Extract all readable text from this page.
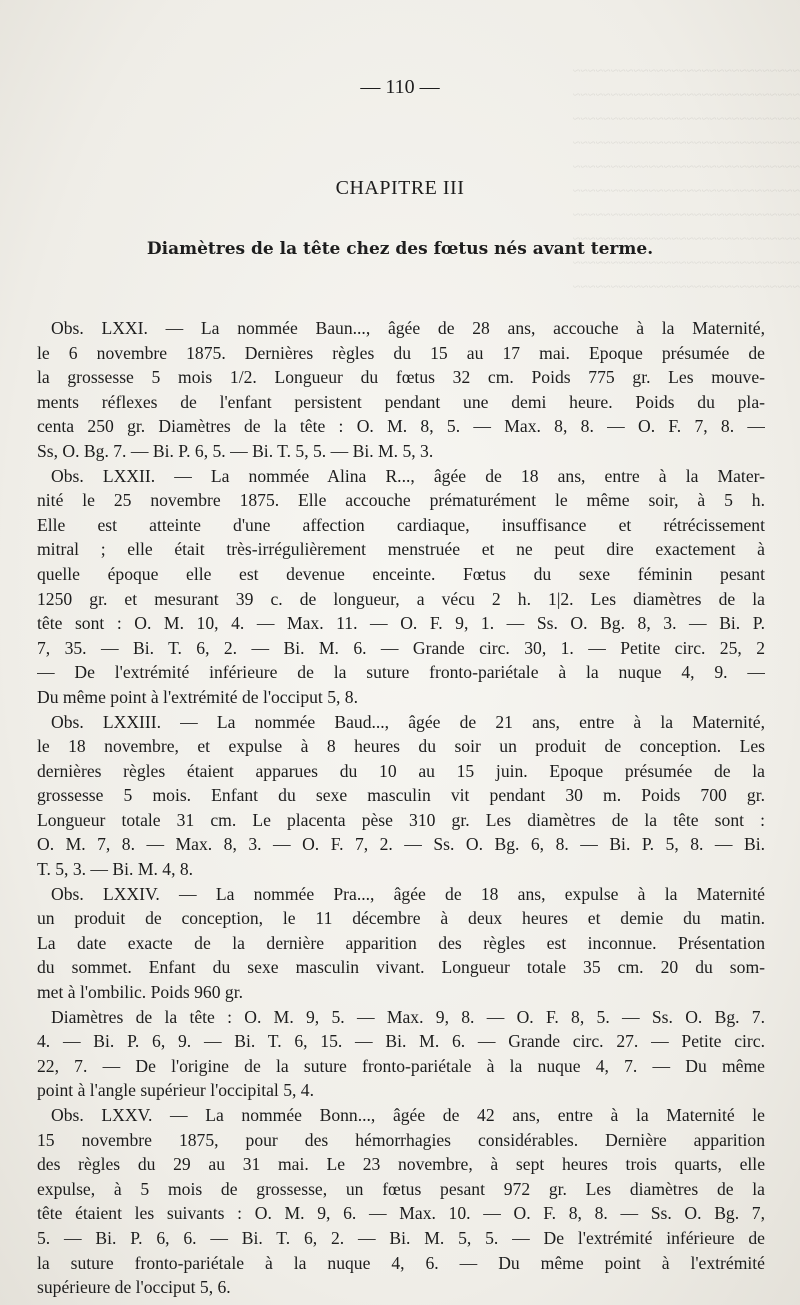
~~~~~~~~~~~~~~~~~~~~~~~~~~~~~~
~~~~~~~~~~~~~~~~~~~~~~~~~~~~~~
~~~~~~~~~~~~~~~~~~~~~~~~~~~~~~
~~~~~~~~~~~~~~~~~~~~~~~~~~~~~~
~~~~~~~~~~~~~~~~~~~~~~~~~~~~~~
~~~~~~~~~~~~~~~~~~~~~~~~~~~~~~
~~~~~~~~~~~~~~~~~~~~~~~~~~~~~~
~~~~~~~~~~~~~~~~~~~~~~~~~~~~~~
~~~~~~~~~~~~~~~~~~~~~~~~~~~~~~
~~~~~~~~~~~~~~~~~~~~~~~~~~~~~~
— 110 —
CHAPITRE III
Diamètres de la tête chez des fœtus nés avant terme.
Obs. LXXI. — La nommée Baun..., âgée de 28 ans, accouche à la Maternité,
le 6 novembre 1875. Dernières règles du 15 au 17 mai. Epoque présumée de
la grossesse 5 mois 1/2. Longueur du fœtus 32 cm. Poids 775 gr. Les mouve-
ments réflexes de l'enfant persistent pendant une demi heure. Poids du pla-
centa 250 gr. Diamètres de la tête : O. M. 8, 5. — Max. 8, 8. — O. F. 7, 8. —
Ss, O. Bg. 7. — Bi. P. 6, 5. — Bi. T. 5, 5. — Bi. M. 5, 3.
Obs. LXXII. — La nommée Alina R..., âgée de 18 ans, entre à la Mater-
nité le 25 novembre 1875. Elle accouche prématurément le même soir, à 5 h.
Elle est atteinte d'une affection cardiaque, insuffisance et rétrécissement
mitral ; elle était très-irrégulièrement menstruée et ne peut dire exactement à
quelle époque elle est devenue enceinte. Fœtus du sexe féminin pesant
1250 gr. et mesurant 39 c. de longueur, a vécu 2 h. 1|2. Les diamètres de la
tête sont : O. M. 10, 4. — Max. 11. — O. F. 9, 1. — Ss. O. Bg. 8, 3. — Bi. P.
7, 35. — Bi. T. 6, 2. — Bi. M. 6. — Grande circ. 30, 1. — Petite circ. 25, 2
— De l'extrémité inférieure de la suture fronto-pariétale à la nuque 4, 9. —
Du même point à l'extrémité de l'occiput 5, 8.
Obs. LXXIII. — La nommée Baud..., âgée de 21 ans, entre à la Maternité,
le 18 novembre, et expulse à 8 heures du soir un produit de conception. Les
dernières règles étaient apparues du 10 au 15 juin. Epoque présumée de la
grossesse 5 mois. Enfant du sexe masculin vit pendant 30 m. Poids 700 gr.
Longueur totale 31 cm. Le placenta pèse 310 gr. Les diamètres de la tête sont :
O. M. 7, 8. — Max. 8, 3. — O. F. 7, 2. — Ss. O. Bg. 6, 8. — Bi. P. 5, 8. — Bi.
T. 5, 3. — Bi. M. 4, 8.
Obs. LXXIV. — La nommée Pra..., âgée de 18 ans, expulse à la Maternité
un produit de conception, le 11 décembre à deux heures et demie du matin.
La date exacte de la dernière apparition des règles est inconnue. Présentation
du sommet. Enfant du sexe masculin vivant. Longueur totale 35 cm. 20 du som-
met à l'ombilic. Poids 960 gr.
Diamètres de la tête : O. M. 9, 5. — Max. 9, 8. — O. F. 8, 5. — Ss. O. Bg. 7.
4. — Bi. P. 6, 9. — Bi. T. 6, 15. — Bi. M. 6. — Grande circ. 27. — Petite circ.
22, 7. — De l'origine de la suture fronto-pariétale à la nuque 4, 7. — Du même
point à l'angle supérieur l'occipital 5, 4.
Obs. LXXV. — La nommée Bonn..., âgée de 42 ans, entre à la Maternité le
15 novembre 1875, pour des hémorrhagies considérables. Dernière apparition
des règles du 29 au 31 mai. Le 23 novembre, à sept heures trois quarts, elle
expulse, à 5 mois de grossesse, un fœtus pesant 972 gr. Les diamètres de la
tête étaient les suivants : O. M. 9, 6. — Max. 10. — O. F. 8, 8. — Ss. O. Bg. 7,
5. — Bi. P. 6, 6. — Bi. T. 6, 2. — Bi. M. 5, 5. — De l'extrémité inférieure de
la suture fronto-pariétale à la nuque 4, 6. — Du même point à l'extrémité
supérieure de l'occiput 5, 6.
